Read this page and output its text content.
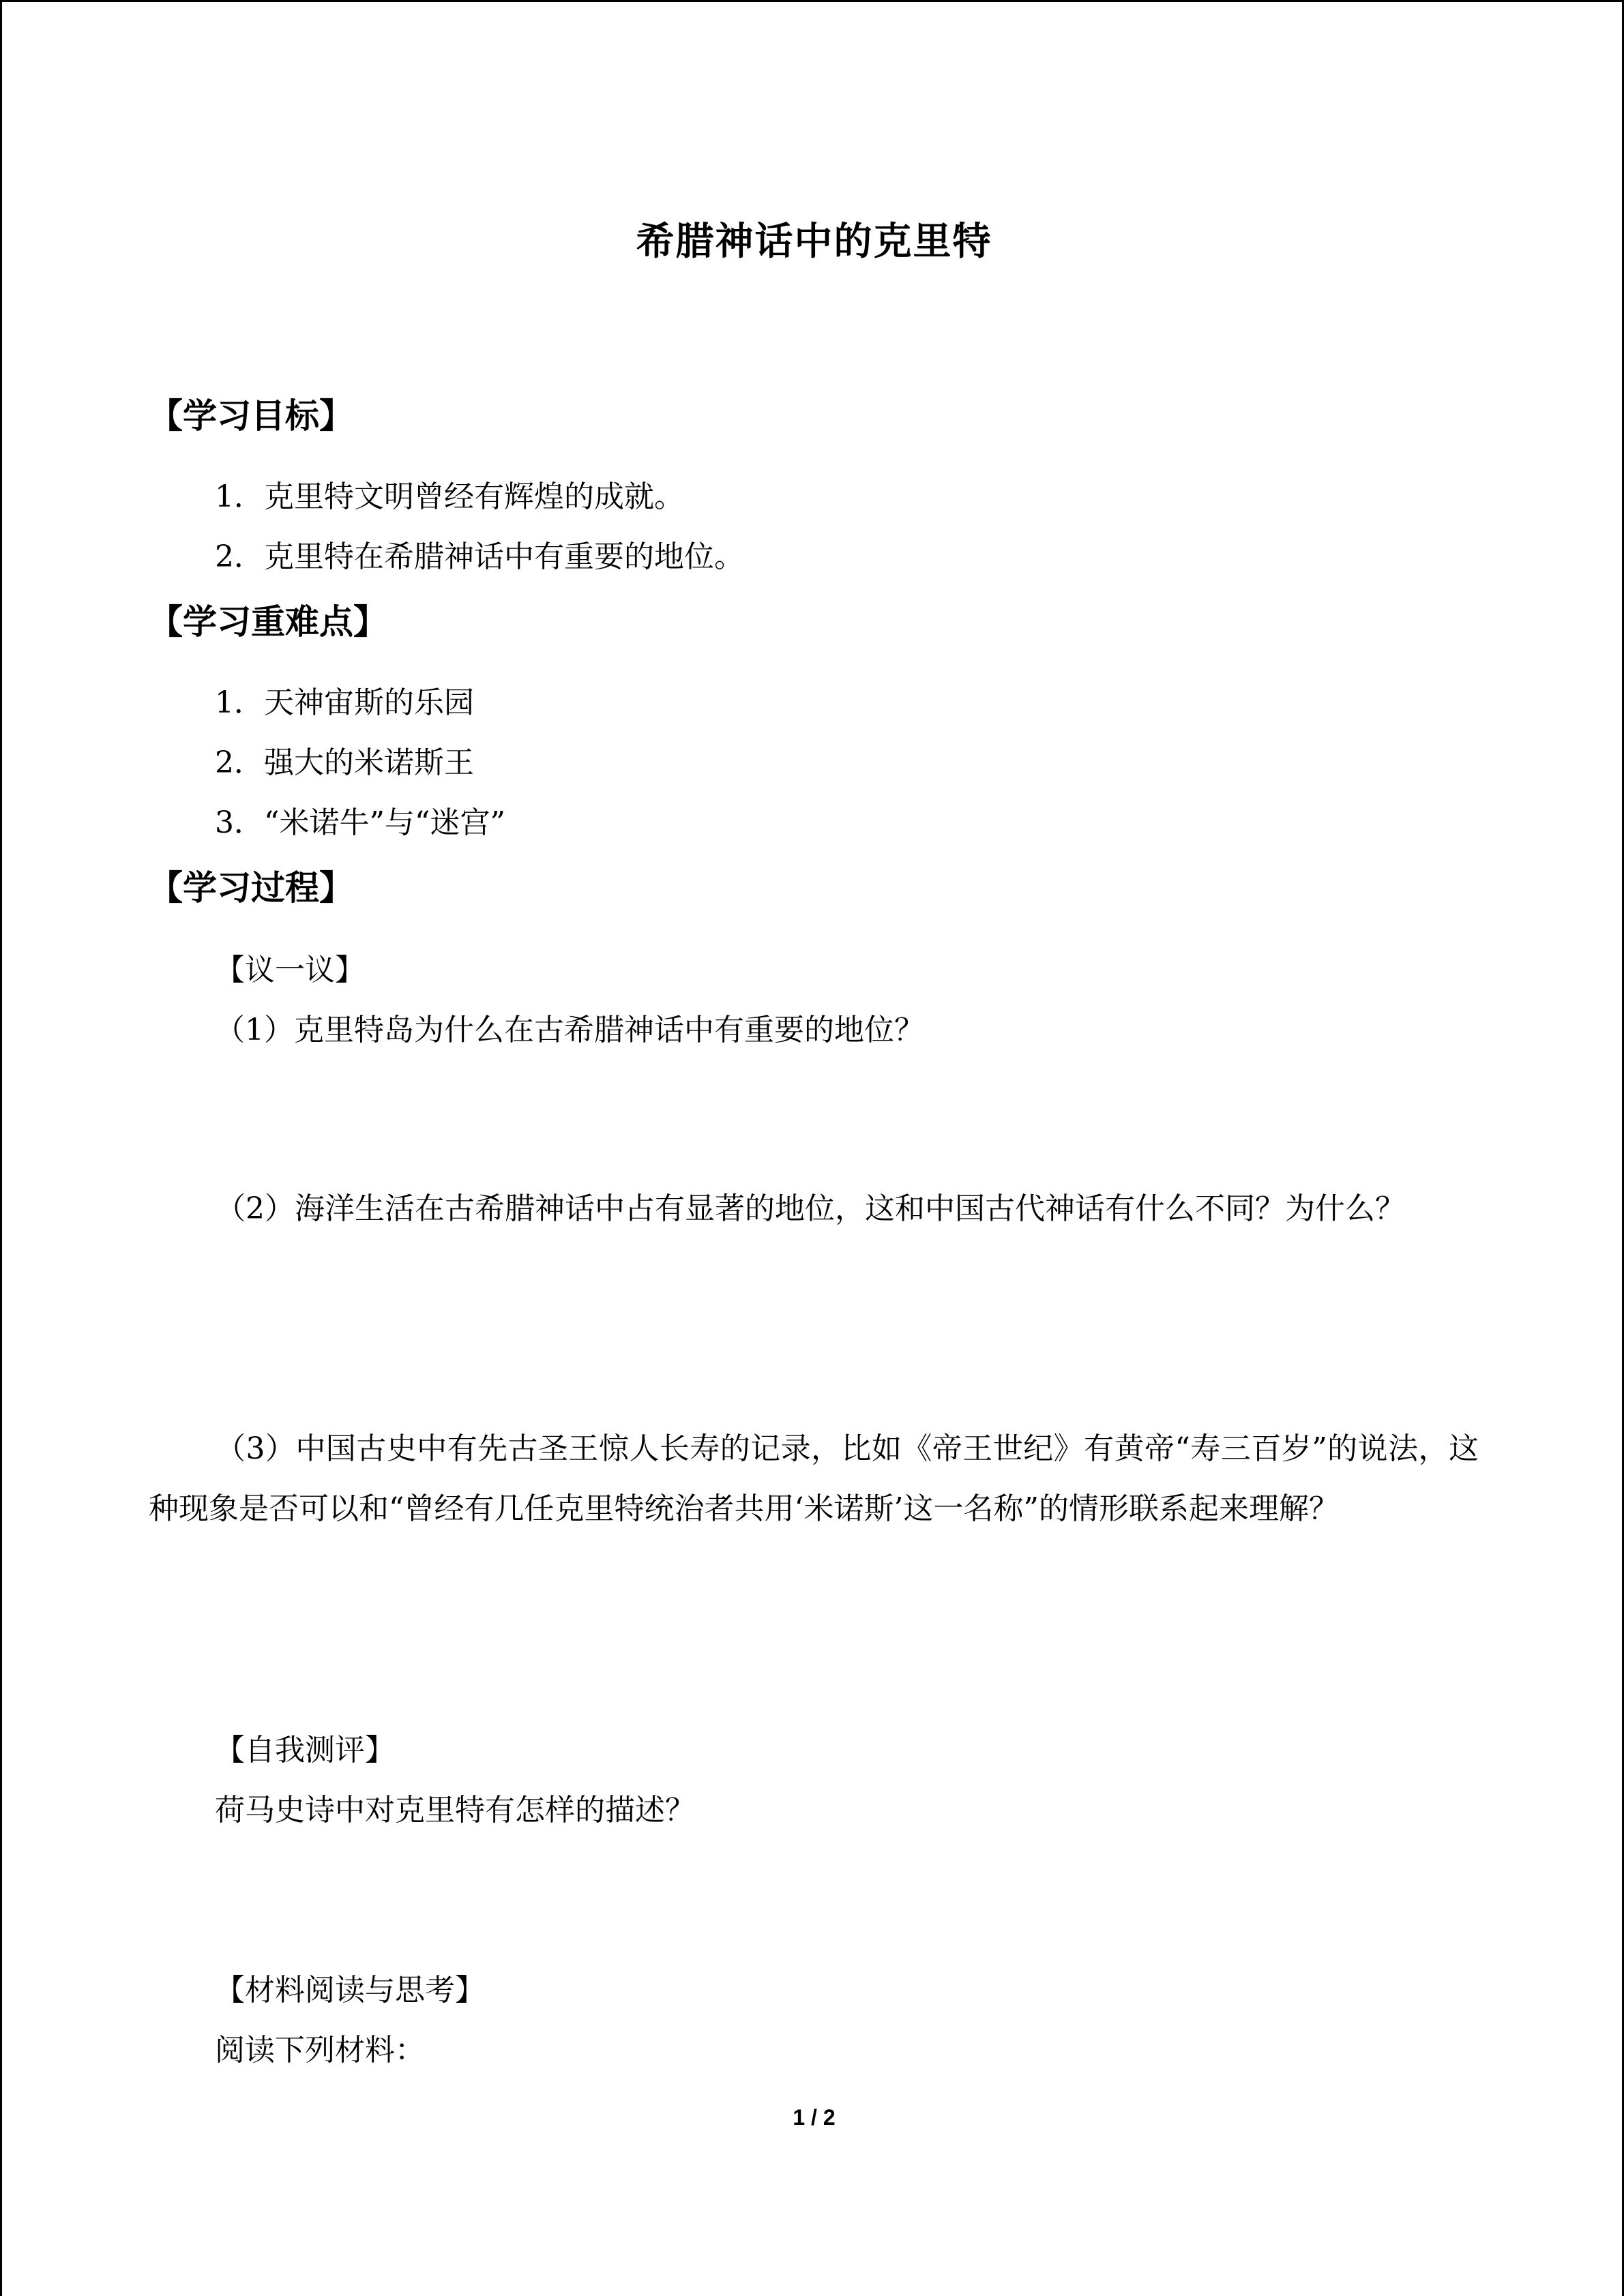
希腊神话中的克里特
【学习目标】
1．克里特文明曾经有辉煌的成就。
2．克里特在希腊神话中有重要的地位。
【学习重难点】
1．天神宙斯的乐园
2．强大的米诺斯王
3．“米诺牛”与“迷宫”
【学习过程】
【议一议】
（1）克里特岛为什么在古希腊神话中有重要的地位？
（2）海洋生活在古希腊神话中占有显著的地位，这和中国古代神话有什么不同？为什么？
（3）中国古史中有先古圣王惊人长寿的记录，比如《帝王世纪》有黄帝“寿三百岁”的说法，这种现象是否可以和“曾经有几任克里特统治者共用‘米诺斯’这一名称”的情形联系起来理解？
【自我测评】
荷马史诗中对克里特有怎样的描述？
【材料阅读与思考】
阅读下列材料：
1 / 2
